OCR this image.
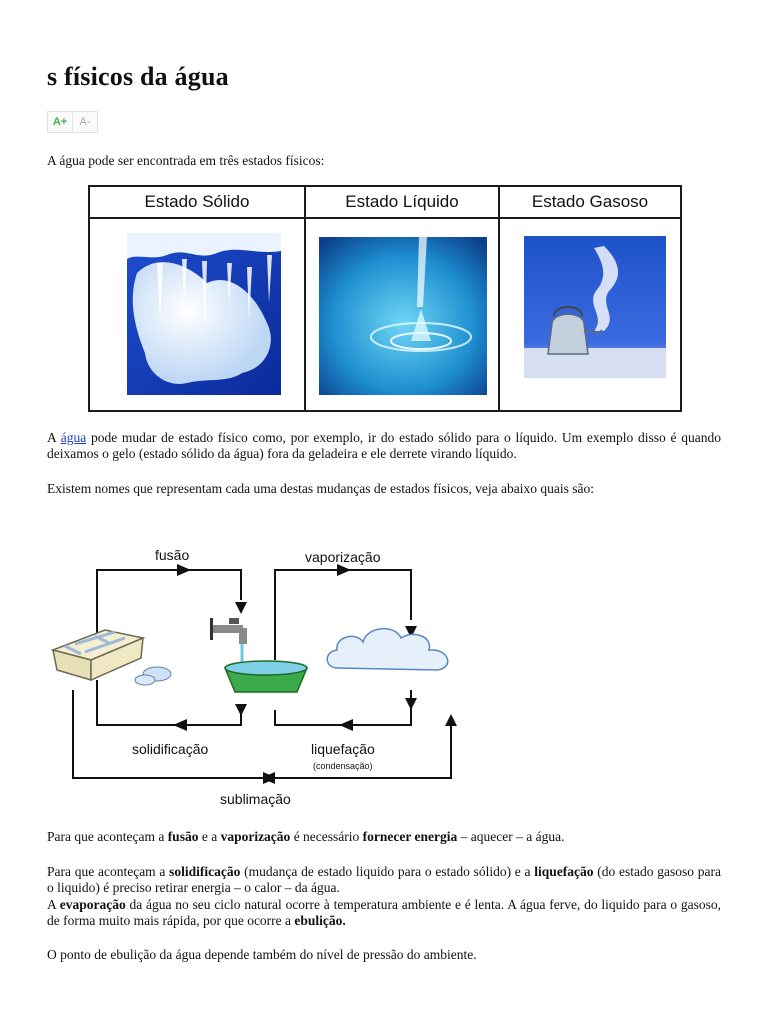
s físicos da água
A+	A-

A água pode ser encontrada em três estados físicos:

Estado Sólido	Estado Líquido	Estado Gasoso

A água pode mudar de estado físico como, por exemplo, ir do estado sólido para o líquido. Um exemplo disso é quando deixamos o gelo (estado sólido da água) fora da geladeira e ele derrete virando líquido.

Existem nomes que representam cada uma destas mudanças de estados físicos, veja abaixo quais são:

fusão	vaporização
solidificação	liquefação
(condensação)
sublimação

Para que aconteçam a fusão e a vaporização é necessário fornecer energia – aquecer – a água.

Para que aconteçam a solidificação (mudança de estado liquido para o estado sólido) e a liquefação (do estado gasoso para o liquido) é preciso retirar energia – o calor – da água.

A evaporação da água no seu ciclo natural ocorre à temperatura ambiente e é lenta. A água ferve, do liquido para o gasoso, de forma muito mais rápida, por que ocorre a ebulição.

O ponto de ebulição da água depende também do nível de pressão do ambiente.
